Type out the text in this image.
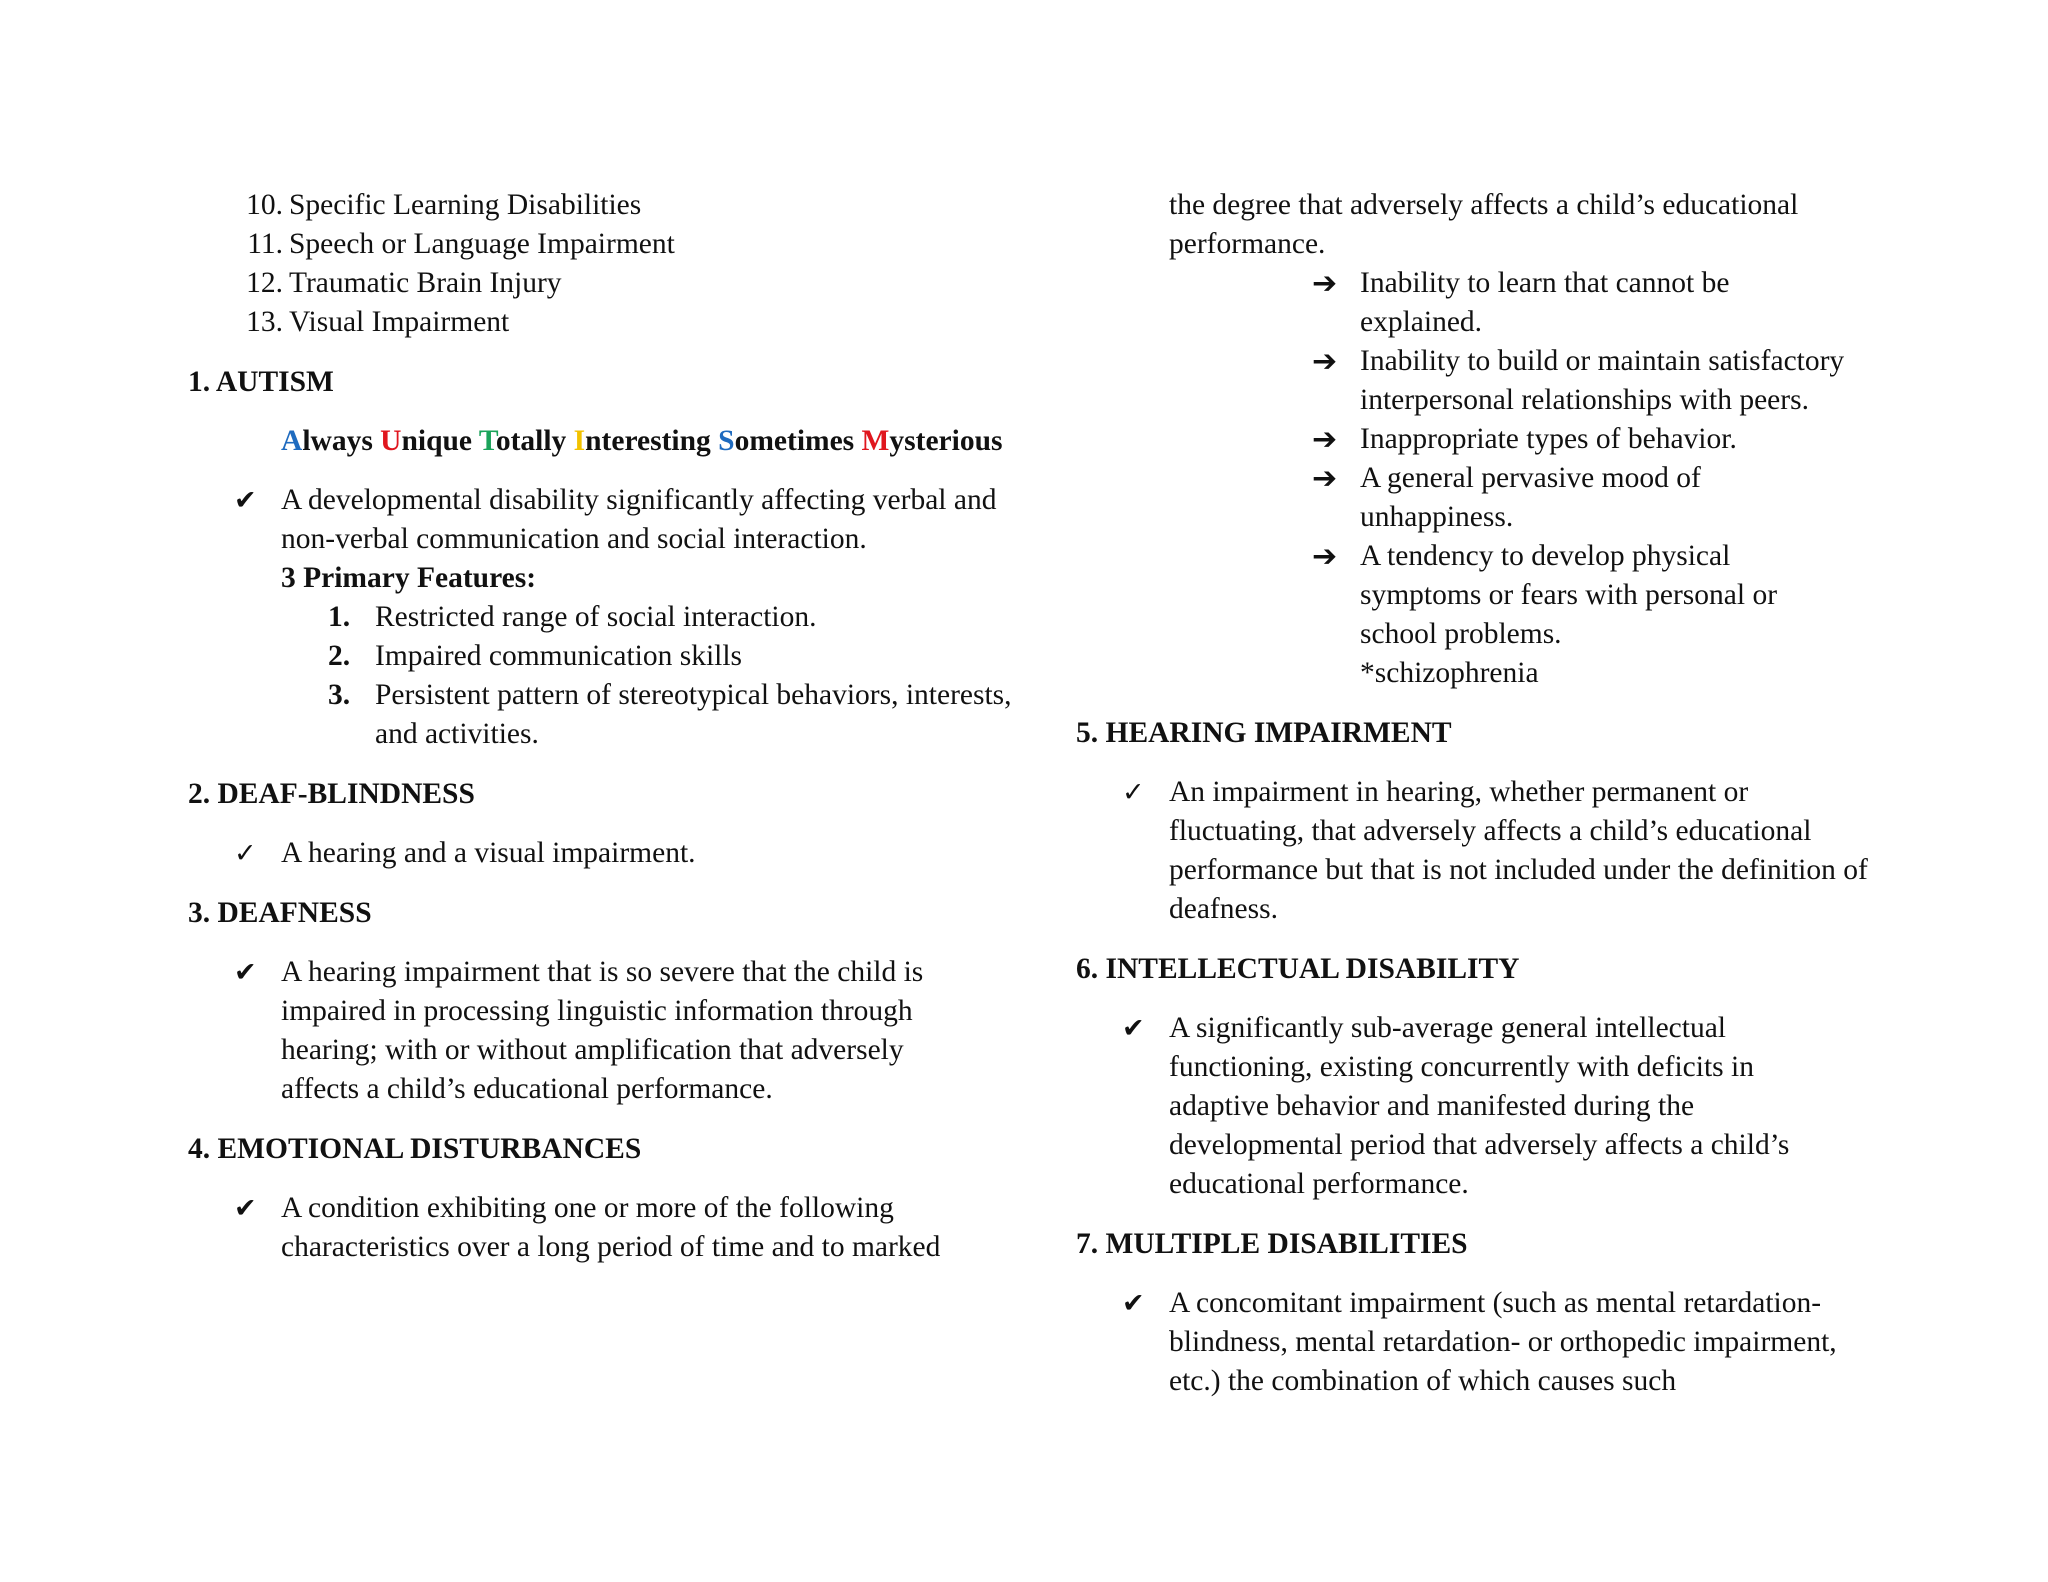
10. Specific Learning Disabilities
11. Speech or Language Impairment
12. Traumatic Brain Injury
13. Visual Impairment
1. AUTISM

Always Unique Totally Interesting Sometimes Mysterious

✔ A developmental disability significantly affecting verbal and non-verbal communication and social interaction.
3 Primary Features:
1. Restricted range of social interaction.
2. Impaired communication skills
3. Persistent pattern of stereotypical behaviors, interests, and activities.
2. DEAF-BLINDNESS
✓ A hearing and a visual impairment.
3. DEAFNESS
✔ A hearing impairment that is so severe that the child is impaired in processing linguistic information through hearing; with or without amplification that adversely affects a child’s educational performance.
4. EMOTIONAL DISTURBANCES
✔ A condition exhibiting one or more of the following characteristics over a long period of time and to marked
the degree that adversely affects a child’s educational performance.
➔ Inability to learn that cannot be explained.
➔ Inability to build or maintain satisfactory interpersonal relationships with peers.
➔ Inappropriate types of behavior.
➔ A general pervasive mood of unhappiness.
➔ A tendency to develop physical symptoms or fears with personal or school problems.
*schizophrenia
5. HEARING IMPAIRMENT
✓ An impairment in hearing, whether permanent or fluctuating, that adversely affects a child’s educational performance but that is not included under the definition of deafness.
6. INTELLECTUAL DISABILITY
✔ A significantly sub-average general intellectual functioning, existing concurrently with deficits in adaptive behavior and manifested during the developmental period that adversely affects a child’s educational performance.
7. MULTIPLE DISABILITIES
✔ A concomitant impairment (such as mental retardation-blindness, mental retardation- or orthopedic impairment, etc.) the combination of which causes such
